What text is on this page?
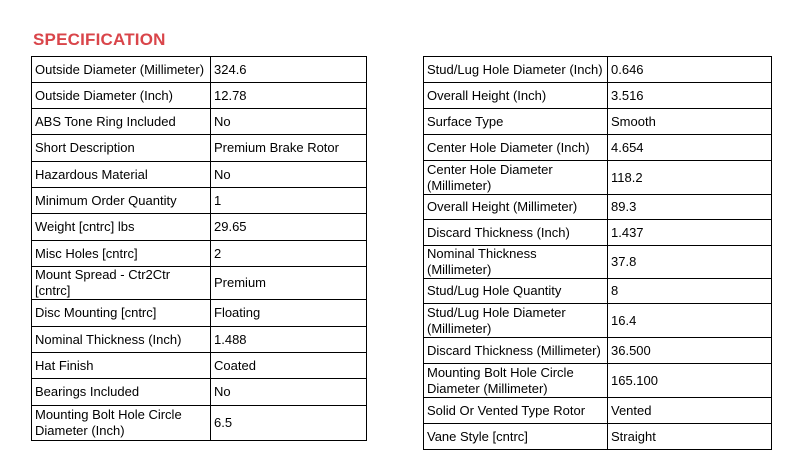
SPECIFICATION
Outside Diameter (Millimeter)	324.6
Outside Diameter (Inch)	12.78
ABS Tone Ring Included	No
Short Description	Premium Brake Rotor
Hazardous Material	No
Minimum Order Quantity	1
Weight [cntrc] lbs	29.65
Misc Holes [cntrc]	2
Mount Spread - Ctr2Ctr [cntrc]	Premium
Disc Mounting [cntrc]	Floating
Nominal Thickness (Inch)	1.488
Hat Finish	Coated
Bearings Included	No
Mounting Bolt Hole Circle Diameter (Inch)	6.5
Stud/Lug Hole Diameter (Inch)	0.646
Overall Height (Inch)	3.516
Surface Type	Smooth
Center Hole Diameter (Inch)	4.654
Center Hole Diameter (Millimeter)	118.2
Overall Height (Millimeter)	89.3
Discard Thickness (Inch)	1.437
Nominal Thickness (Millimeter)	37.8
Stud/Lug Hole Quantity	8
Stud/Lug Hole Diameter (Millimeter)	16.4
Discard Thickness (Millimeter)	36.500
Mounting Bolt Hole Circle Diameter (Millimeter)	165.100
Solid Or Vented Type Rotor	Vented
Vane Style [cntrc]	Straight
